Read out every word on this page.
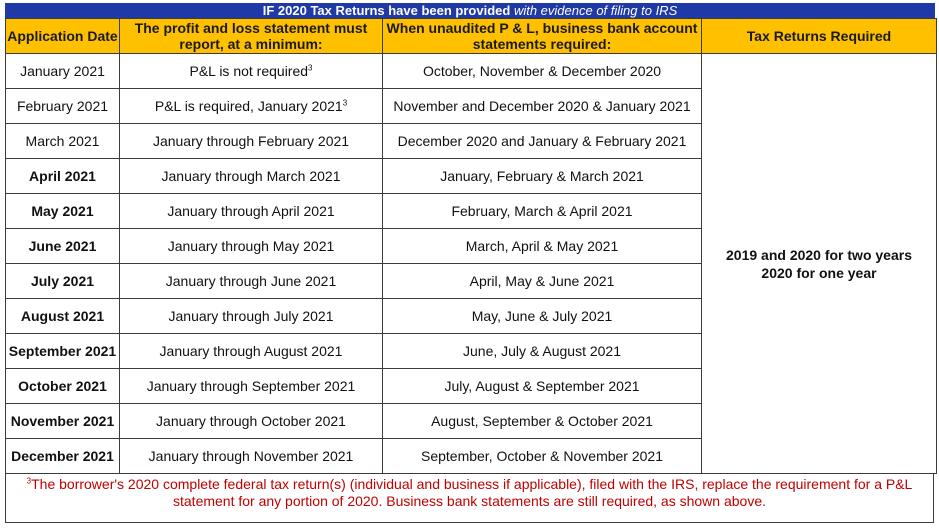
IF 2020 Tax Returns have been provided with evidence of filing to IRS
Application Date	The profit and loss statement must report, at a minimum:	When unaudited P & L, business bank account statements required:	Tax Returns Required
January 2021	P&L is not required$^3$	October, November & December 2020	2019 and 2020 for two years
2020 for one year

February 2021	P&L is required, January 2021$^3$	November and December 2020 & January 2021	
March 2021	January through February 2021	December 2020 and January & February 2021	
April 2021	January through March 2021	January, February & March 2021	
May 2021	January through April 2021	February, March & April 2021	
June 2021	January through May 2021	March, April & May 2021	
July 2021	January through June 2021	April, May & June 2021	
August 2021	January through July 2021	May, June & July 2021	
September 2021	January through August 2021	June, July & August 2021	
October 2021	January through September 2021	July, August & September 2021	
November 2021	January through October 2021	August, September & October 2021	
December 2021	January through November 2021	September, October & November 2021	
$^3$The borrower's 2020 complete federal tax return(s) (individual and business if applicable), filed with the IRS, replace the requirement for a P&L statement for any portion of 2020. Business bank statements are still required, as shown above.
